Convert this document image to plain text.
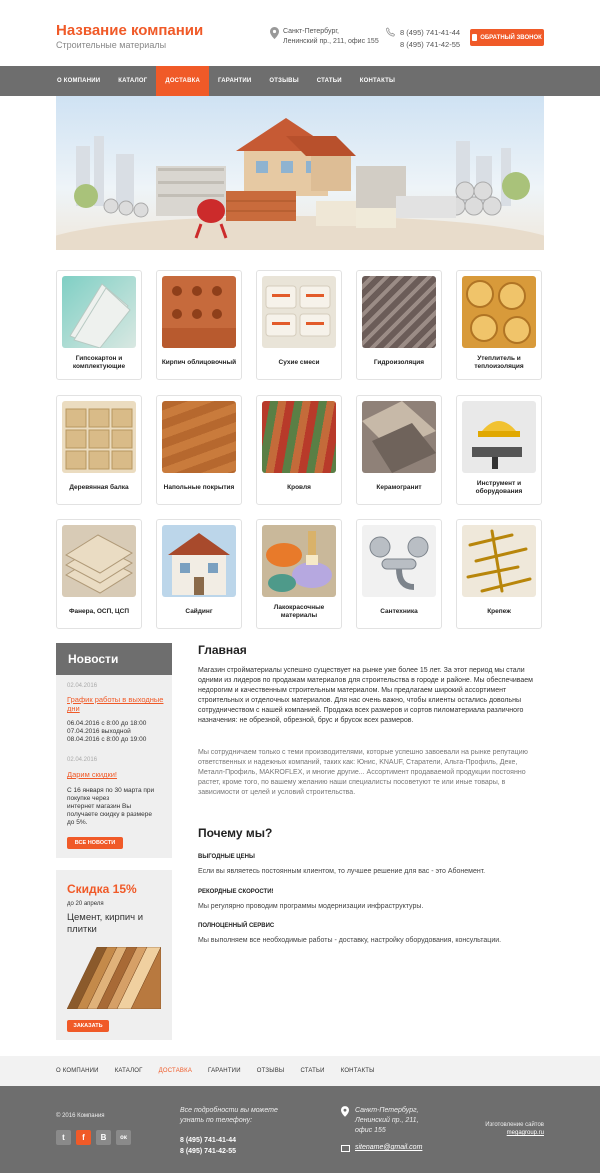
Название компании
Строительные материалы
Санкт-Петербург,
Ленинский пр., 211, офис 155
8 (495) 741-41-44
8 (495) 741-42-55
ОБРАТНЫЙ ЗВОНОК
О КОМПАНИИ	КАТАЛОГ	ДОСТАВКА	ГАРАНТИИ	ОТЗЫВЫ	СТАТЬИ	КОНТАКТЫ
Гипсокартон и комплектующие
Кирпич облицовочный	Сухие смеси	Гидроизоляция
Утеплитель и теплоизоляция
Деревянная балка	Напольные покрытия	Кровля	Керамогранит
Инструмент и оборудования
Фанера, ОСП, ЦСП	Сайдинг
Лакокрасочные материалы
Сантехника	Крепеж
Новости
02.04.2016
График работы в выходные дни
06.04.2016 с 8:00 до 18:00
07.04.2016 выходной
08.04.2016 с 8:00 до 19:00
02.04.2016
Дарим скидки!
С 16 января по 30 марта при
покупке через
интернет магазин Вы
получаете скидку в размере
до 5%.
ВСЕ НОВОСТИ
Скидка 15%
до 20 апреля
Цемент, кирпич и плитки
ЗАКАЗАТЬ
Главная
Магазин стройматериалы успешно существует на рынке уже более 15 лет. За этот период мы стали одними из лидеров по продажам материалов для строительства в городе и районе. Мы обеспечиваем недорогим и качественным строительным материалом. Мы предлагаем широкий ассортимент строительных и отделочных материалов. Для нас очень важно, чтобы клиенты остались довольны сотрудничеством с нашей компанией. Продажа всех размеров и сортов пиломатериала различного назначения: не обрезной, обрезной, брус и брусок всех размеров.
Мы сотрудничаем только с теми производителями, которые успешно завоевали на рынке репутацию ответственных и надежных компаний, таких как: Юнис, KNAUF, Старатели, Альта-Профиль, Деке, Металл-Профиль, MAKROFLEX, и многие другие... Ассортимент продаваемой продукции постоянно растет, кроме того, по вашему желанию наши специалисты посоветуют те или иные товары, в зависимости от целей и условий строительства.
Почему мы?
ВЫГОДНЫЕ ЦЕНЫ
Если вы являетесь постоянным клиентом, то лучшее решение для вас - это Абонемент.
РЕКОРДНЫЕ СКОРОСТИ!
Мы регулярно проводим программы модернизации инфраструктуры.
ПОЛНОЦЕННЫЙ СЕРВИС
Мы выполняем все необходимые работы - доставку, настройку оборудования, консультации.
О КОМПАНИИ	КАТАЛОГ	ДОСТАВКА	ГАРАНТИИ	ОТЗЫВЫ	СТАТЬИ	КОНТАКТЫ
© 2016 Компания
t	f	В	ок
Все подробности вы можете узнать по телефону:
8 (495) 741-41-44
8 (495) 741-42-55
Санкт-Петербург,
Ленинский пр., 211,
офис 155
sitename@gmail.com
Изготовление сайтов
megagroup.ru
